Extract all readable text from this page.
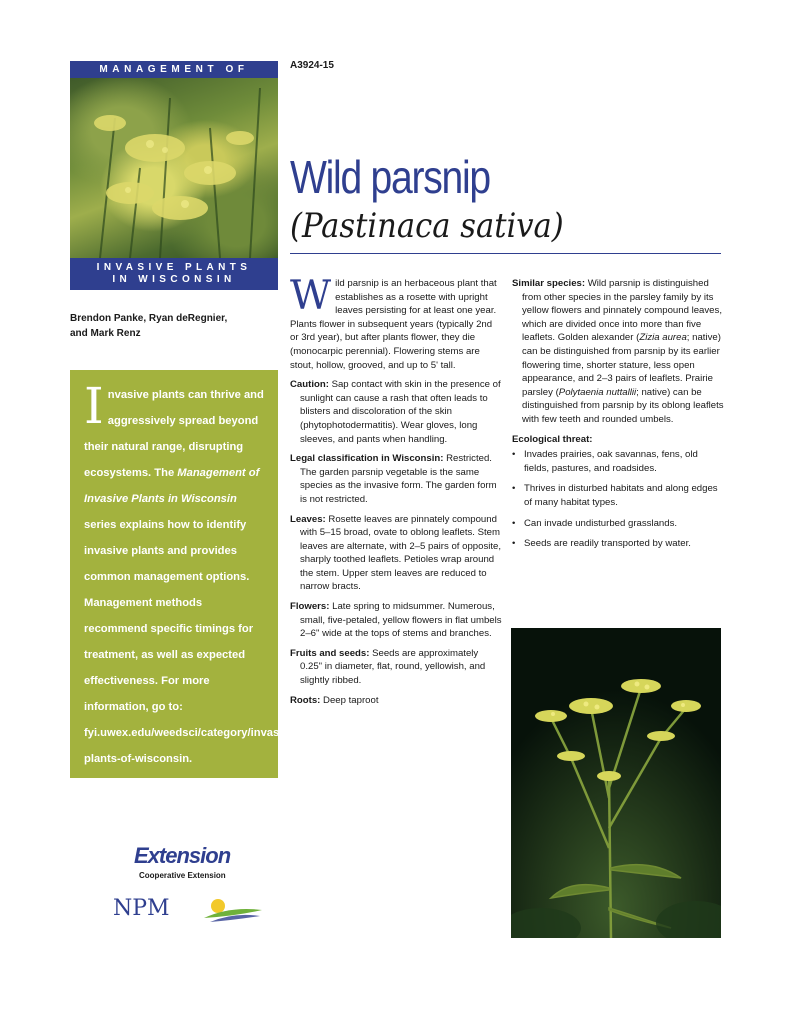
MANAGEMENT OF
INVASIVE PLANTS
IN WISCONSIN
A3924-15
Wild parsnip
(Pastinaca sativa)
Brendon Panke, Ryan deRegnier,
and Mark Renz
Invasive plants can thrive and aggressively spread beyond their natural range, disrupting ecosystems. The Management of Invasive Plants in Wisconsin series explains how to identify invasive plants and provides common management options. Management methods recommend specific timings for treatment, as well as expected effectiveness. For more information, go to: fyi.uwex.edu/weedsci/category/invasive-plants-of-wisconsin.
Extension
Cooperative Extension
NPM

Wild parsnip is an herbaceous plant that establishes as a rosette with upright leaves persisting for at least one year. Plants flower in subsequent years (typically 2nd or 3rd year), but after plants flower, they die (monocarpic perennial). Flowering stems are stout, hollow, grooved, and up to 5' tall.

Caution: Sap contact with skin in the presence of sunlight can cause a rash that often leads to blisters and discoloration of the skin (phytophotodermatitis). Wear gloves, long sleeves, and pants when handling.

Legal classification in Wisconsin: Restricted. The garden parsnip vegetable is the same species as the invasive form. The garden form is not restricted.

Leaves: Rosette leaves are pinnately compound with 5–15 broad, ovate to oblong leaflets. Stem leaves are alternate, with 2–5 pairs of opposite, sharply toothed leaflets. Petioles wrap around the stem. Upper stem leaves are reduced to narrow bracts.

Flowers: Late spring to midsummer. Numerous, small, five-petaled, yellow flowers in flat umbels 2–6" wide at the tops of stems and branches.

Fruits and seeds: Seeds are approximately 0.25" in diameter, flat, round, yellowish, and slightly ribbed.

Roots: Deep taproot

Similar species: Wild parsnip is distinguished from other species in the parsley family by its yellow flowers and pinnately compound leaves, which are divided once into more than five leaflets. Golden alexander (Zizia aurea; native) can be distinguished from parsnip by its earlier flowering time, shorter stature, less open appearance, and 2–3 pairs of leaflets. Prairie parsley (Polytaenia nuttallii; native) can be distinguished from parsnip by its oblong leaflets with few teeth and rounded umbels.

Ecological threat:

• Invades prairies, oak savannas, fens, old fields, pastures, and roadsides.
• Thrives in disturbed habitats and along edges of many habitat types.
• Can invade undisturbed grasslands.
• Seeds are readily transported by water.
